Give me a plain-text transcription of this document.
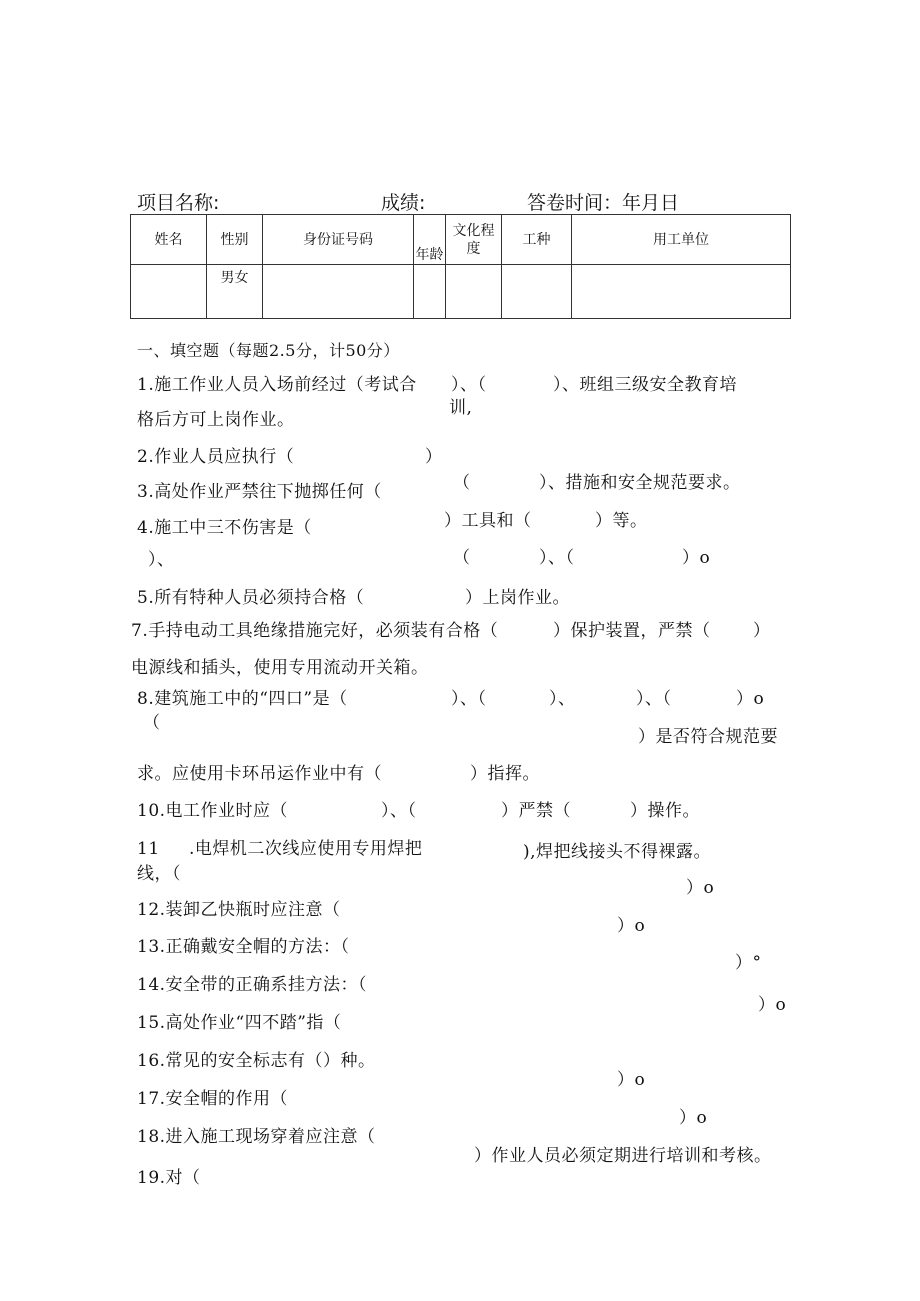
项目名称:	成绩:	答卷时间：年月日
姓名	性别	身份证号码	年龄	文化程度	工种	用工单位
	男女					
一、填空题（每题2.5分，计50分）
1.施工作业人员入场前经过（考试合 ）、（	）、班组三级安全教育培
训,
格后方可上岗作业。
2.作业人员应执行（	）
3.高处作业严禁往下抛掷任何（	（	）、措施和安全规范要求。
4.施工中三不伤害是（	）工具和（	）等。
）、	（	）、（	）o
5.所有特种人员必须持合格（	）上岗作业。
7.手持电动工具绝缘措施完好，必须装有合格（	）保护装置，严禁（	）
电源线和插头，使用专用流动开关箱。
8.建筑施工中的“四口”是（	）、（	）、	）、（	）o
（
）是否符合规范要
求。应使用卡环吊运作业中有（	）指挥。
10.电工作业时应（	）、（	）严禁（	）操作。
11 .电焊机二次线应使用专用焊把	),焊把线接头不得裸露。
线，（
）o
12.装卸乙快瓶时应注意（
）o
13.正确戴安全帽的方法：（
）°
14.安全带的正确系挂方法：（
）o
15.高处作业“四不踏”指（
16.常见的安全标志有（）种。
）o
17.安全帽的作用（
）o
18.进入施工现场穿着应注意（
）作业人员必须定期进行培训和考核。
19.对（
